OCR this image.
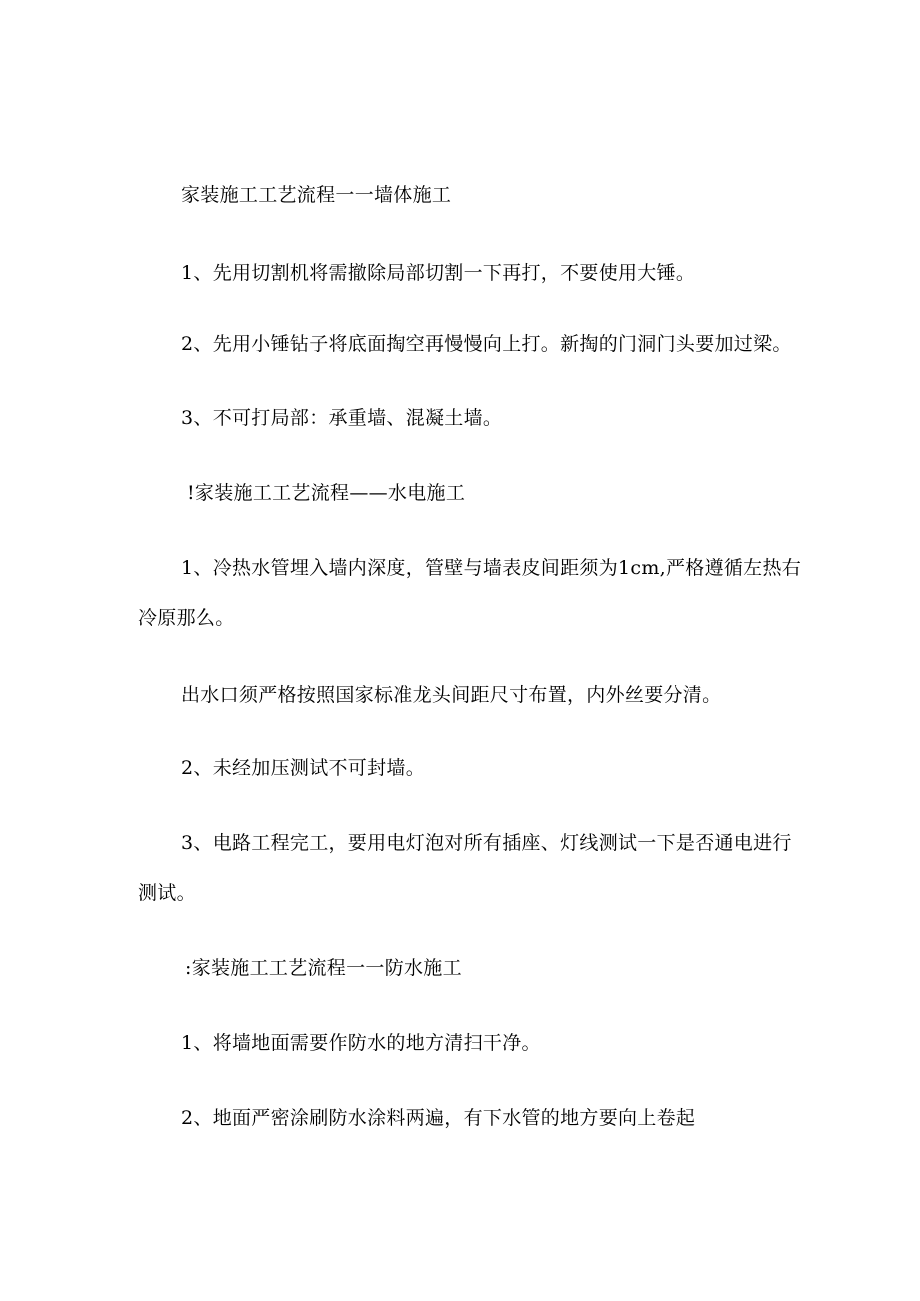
家装施工工艺流程一一墙体施工
1、先用切割机将需撤除局部切割一下再打，不要使用大锤。
2、先用小锤钻子将底面掏空再慢慢向上打。新掏的门洞门头要加过梁。
3、不可打局部：承重墙、混凝土墙。
!家装施工工艺流程——水电施工
1、冷热水管埋入墙内深度，管壁与墙表皮间距须为1cm,严格遵循左热右
冷原那么。
出水口须严格按照国家标准龙头间距尺寸布置，内外丝要分清。
2、未经加压测试不可封墙。
3、电路工程完工，要用电灯泡对所有插座、灯线测试一下是否通电进行
测试。
:家装施工工艺流程一一防水施工
1、将墙地面需要作防水的地方清扫干净。
2、地面严密涂刷防水涂料两遍，有下水管的地方要向上卷起
